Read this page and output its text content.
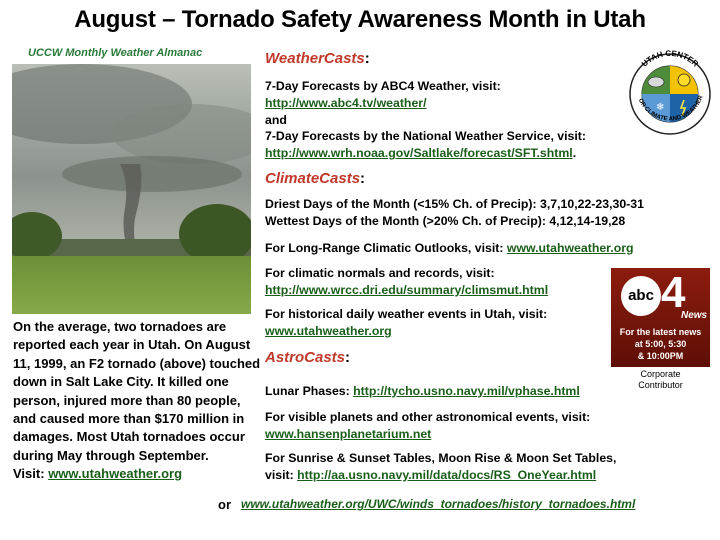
August – Tornado Safety Awareness Month in Utah
UCCW Monthly Weather Almanac
On the average, two tornadoes are reported each year in Utah. On August 11, 1999, an F2 tornado (above) touched down in Salt Lake City. It killed one person, injured more than 80 people, and caused more than $170 million in damages. Most Utah tornadoes occur during May through September.
Visit: www.utahweather.org
or www.utahweather.org/UWC/winds_tornadoes/history_tornadoes.html
WeatherCasts:
7-Day Forecasts by ABC4 Weather, visit:
http://www.abc4.tv/weather/
and
7-Day Forecasts by the National Weather Service, visit:
http://www.wrh.noaa.gov/Saltlake/forecast/SFT.shtml.
ClimateCasts:
Driest Days of the Month (<15% Ch. of Precip): 3,7,10,22-23,30-31
Wettest Days of the Month (>20% Ch. of Precip): 4,12,14-19,28
For Long-Range Climatic Outlooks, visit: www.utahweather.org
For climatic normals and records, visit:
http://www.wrcc.dri.edu/summary/climsmut.html
For historical daily weather events in Utah, visit:
www.utahweather.org
AstroCasts:
Lunar Phases: http://tycho.usno.navy.mil/vphase.html
For visible planets and other astronomical events, visit:
www.hansenplanetarium.net
For Sunrise & Sunset Tables, Moon Rise & Moon Set Tables,
visit: http://aa.usno.navy.mil/data/docs/RS_OneYear.html
❄
UTAH CENTER
OR CLIMATE AND WEATHER
abc 4
News
For the latest news
at 5:00, 5:30
& 10:00PM
Corporate
Contributor
